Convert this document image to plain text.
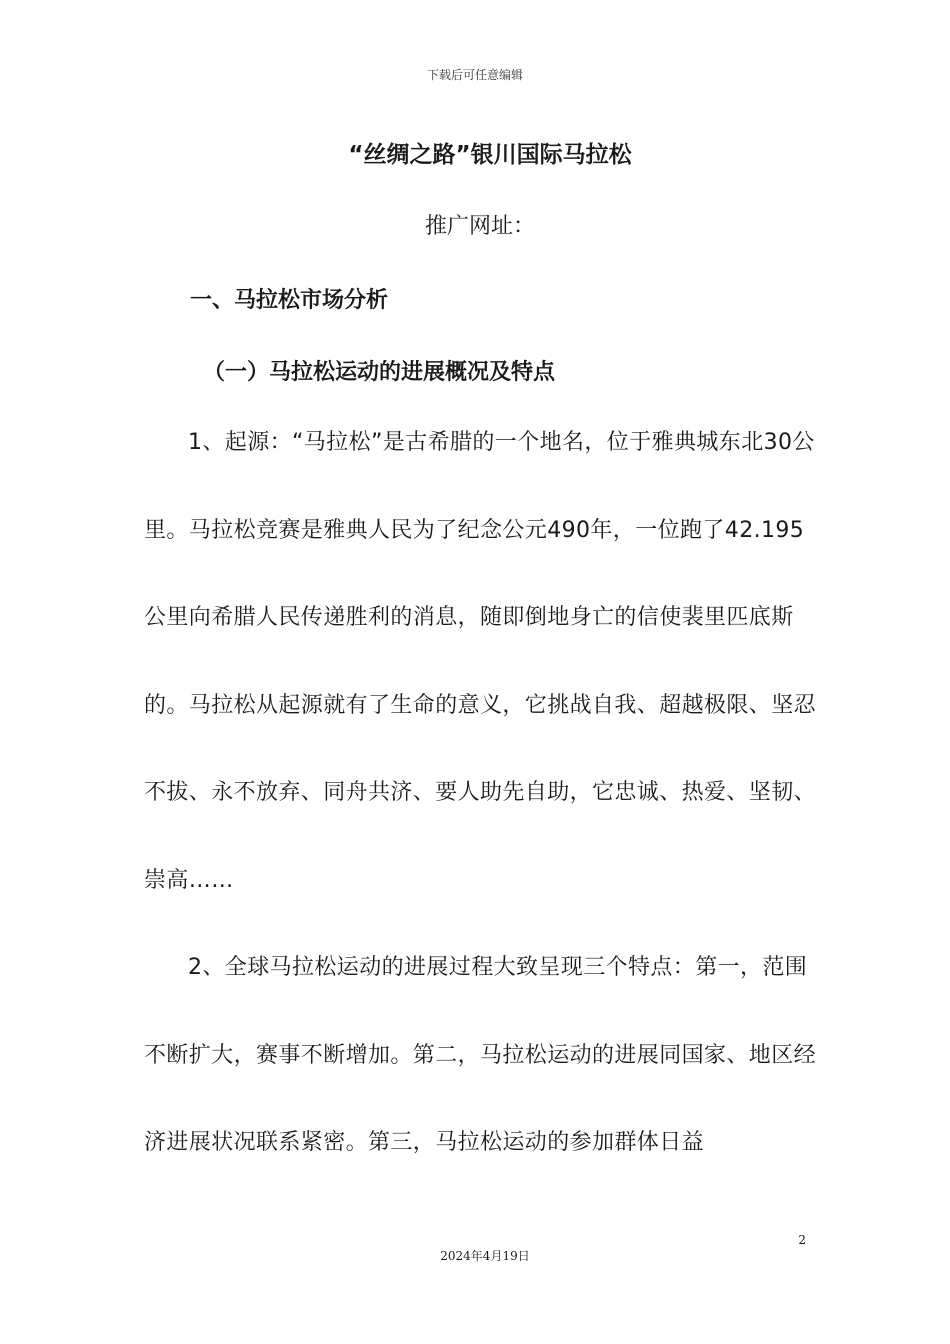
下载后可任意编辑
“丝绸之路”银川国际马拉松
推广网址：
一、马拉松市场分析
（一）马拉松运动的进展概况及特点

1、起源：“马拉松”是古希腊的一个地名，位于雅典城东北30公里。马拉松竞赛是雅典人民为了纪念公元490年，一位跑了42.195公里向希腊人民传递胜利的消息，随即倒地身亡的信使裴里匹底斯的。马拉松从起源就有了生命的意义，它挑战自我、超越极限、坚忍不拔、永不放弃、同舟共济、要人助先自助，它忠诚、热爱、坚韧、崇高……

2、全球马拉松运动的进展过程大致呈现三个特点：第一，范围不断扩大，赛事不断增加。第二，马拉松运动的进展同国家、地区经济进展状况联系紧密。第三，马拉松运动的参加群体日益

2
2024年4月19日
